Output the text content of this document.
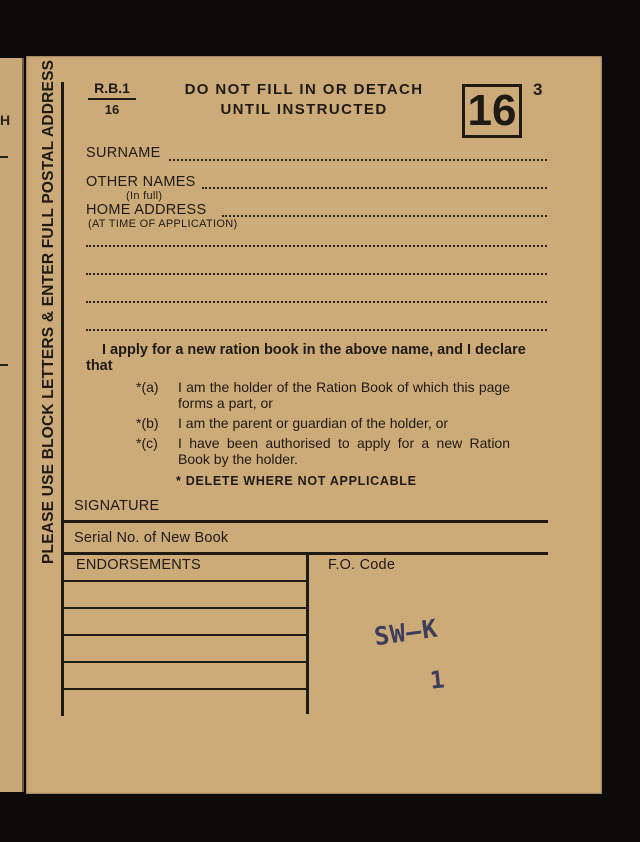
H PLEASE USE BLOCK LETTERS & ENTER FULL POSTAL ADDRESS	R.B.1
16
DO NOT FILL IN OR DETACH
UNTIL INSTRUCTED	16 3
SURNAME
OTHER NAMES
(In full)
HOME ADDRESS
(AT TIME OF APPLICATION)
I apply for a new ration book in the above name, and I declare that
*(a) I am the holder of the Ration Book of which this page forms a part, or
*(b) I am the parent or guardian of the holder, or
*(c) I have been authorised to apply for a new Ration Book by the holder.
* DELETE WHERE NOT APPLICABLE
SIGNATURE
Serial No. of New Book
ENDORSEMENTS	F.O. Code
SW—K
1
